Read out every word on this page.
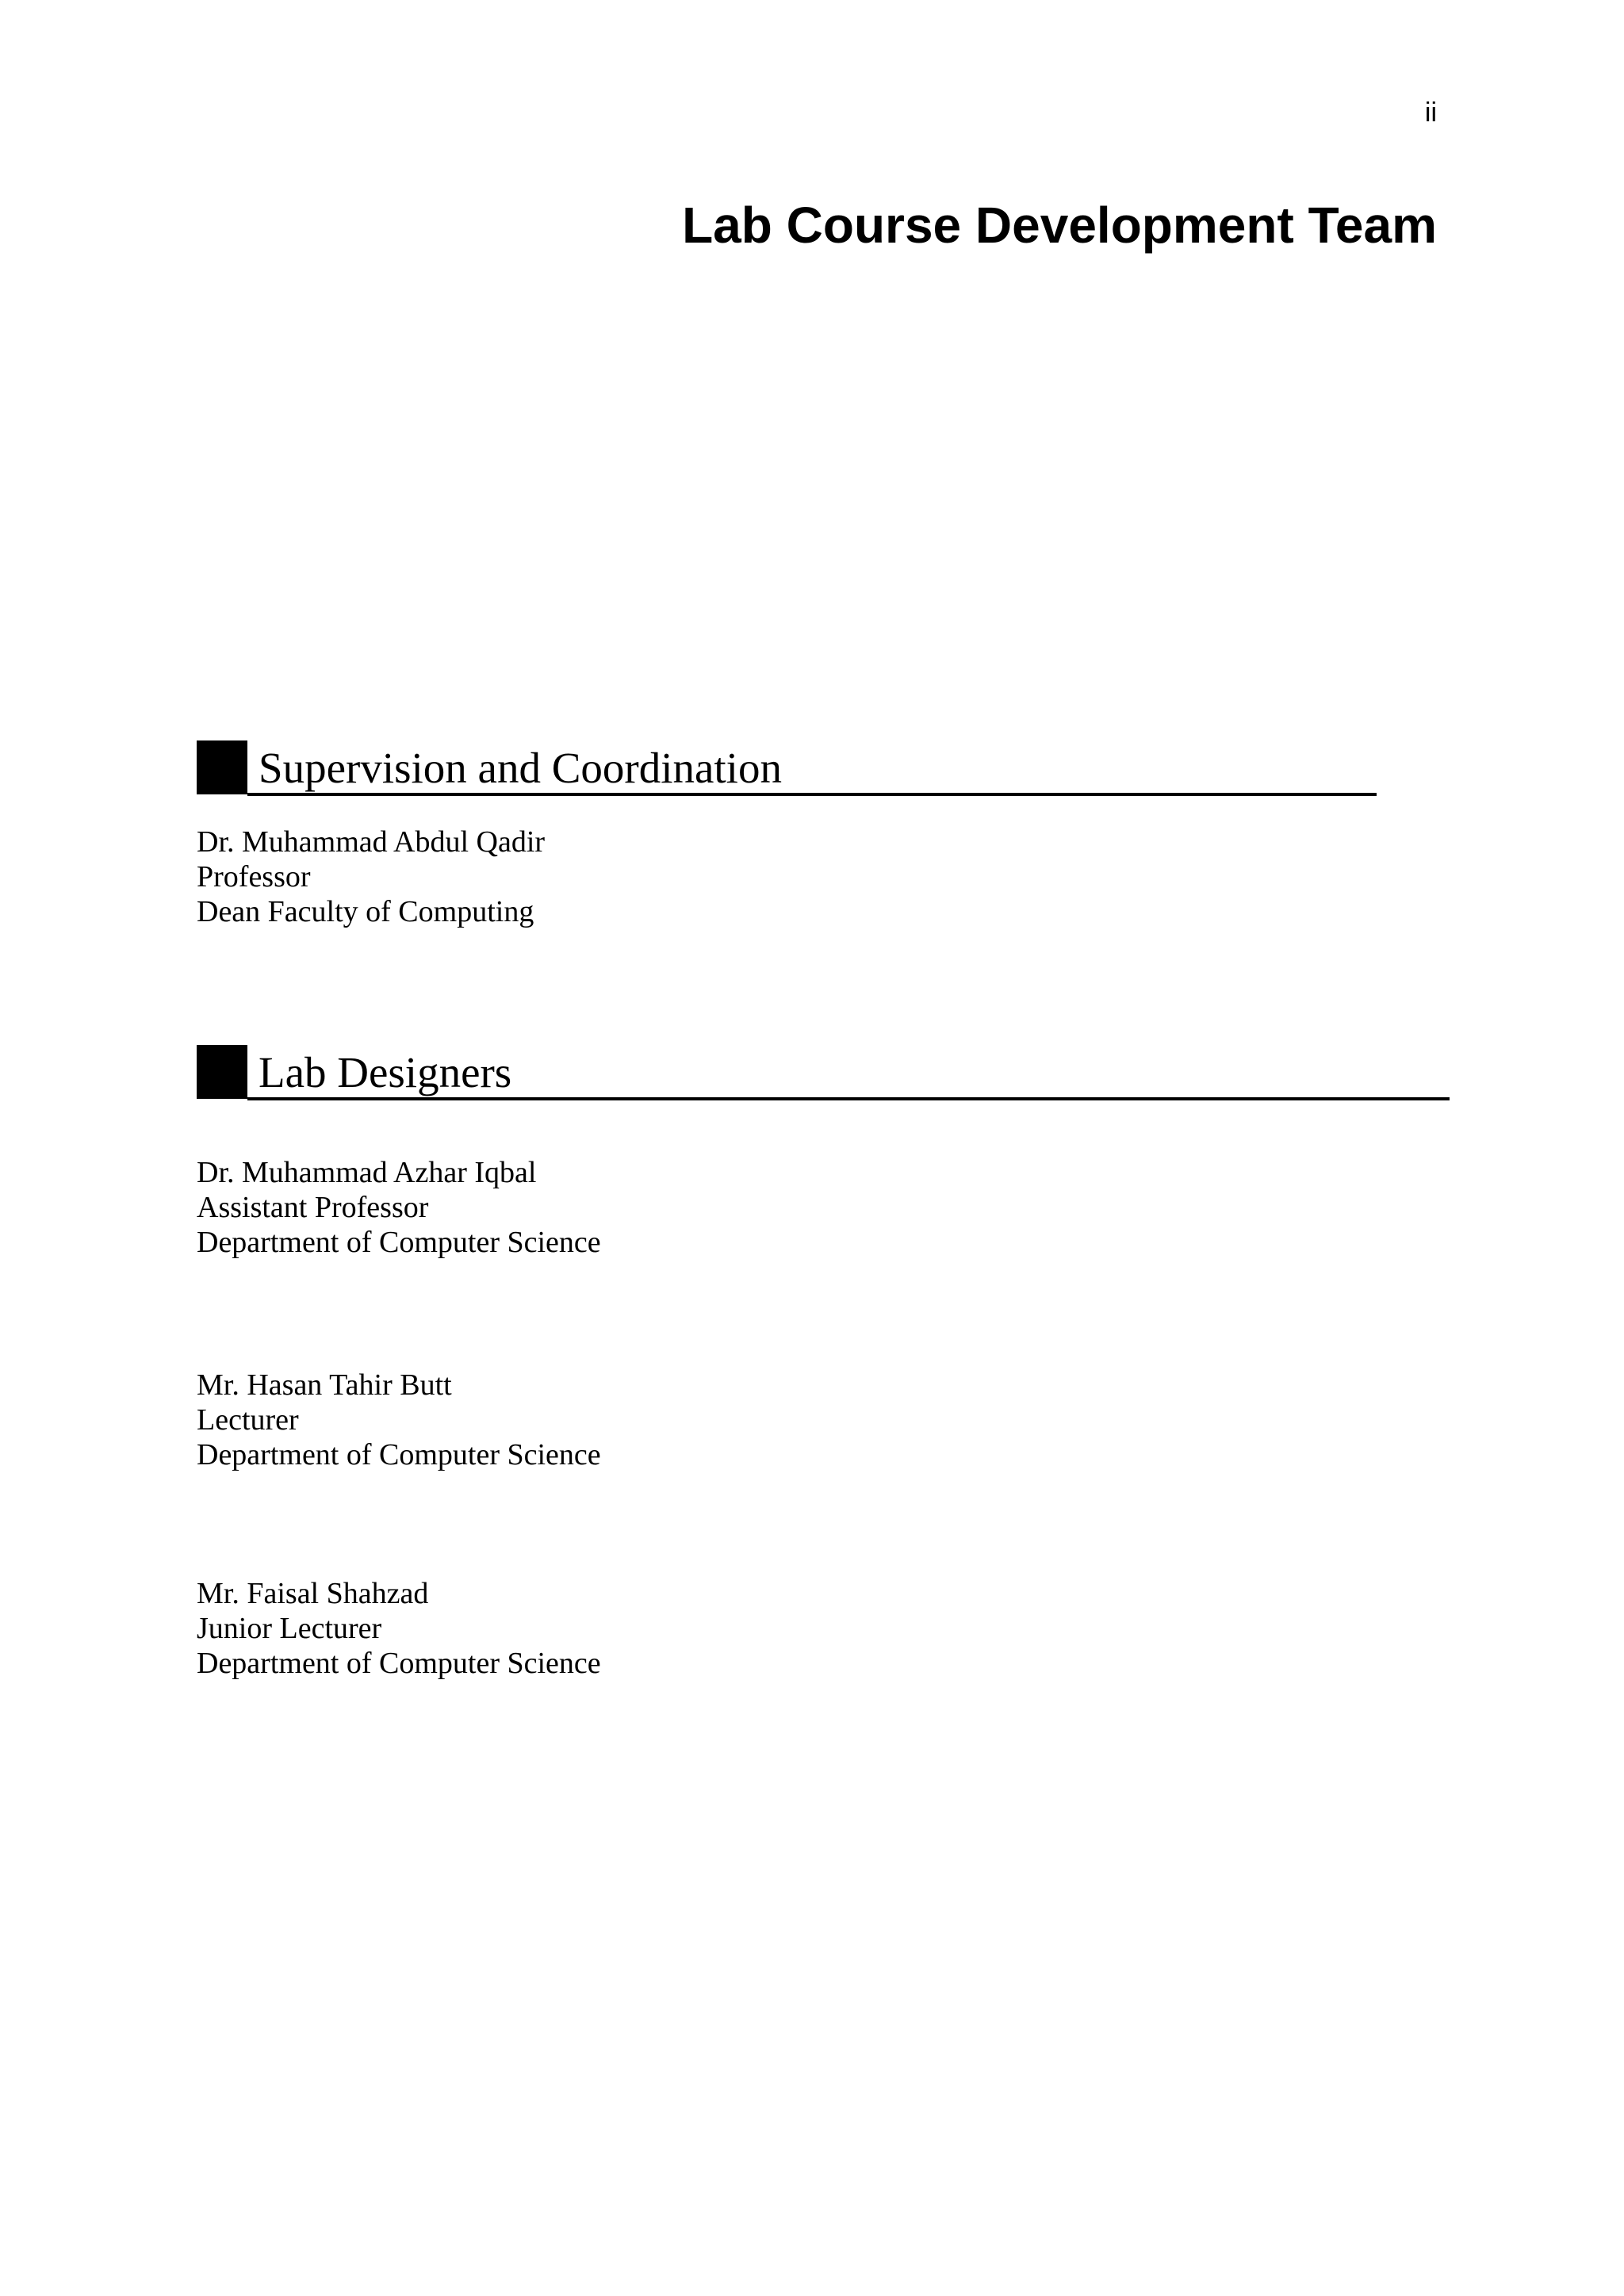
ii
Lab Course Development Team
Supervision and Coordination
Dr. Muhammad Abdul Qadir
Professor
Dean Faculty of Computing
Lab Designers
Dr. Muhammad Azhar Iqbal
Assistant Professor
Department of Computer Science
Mr. Hasan Tahir Butt
Lecturer
Department of Computer Science
Mr. Faisal Shahzad
Junior Lecturer
Department of Computer Science
